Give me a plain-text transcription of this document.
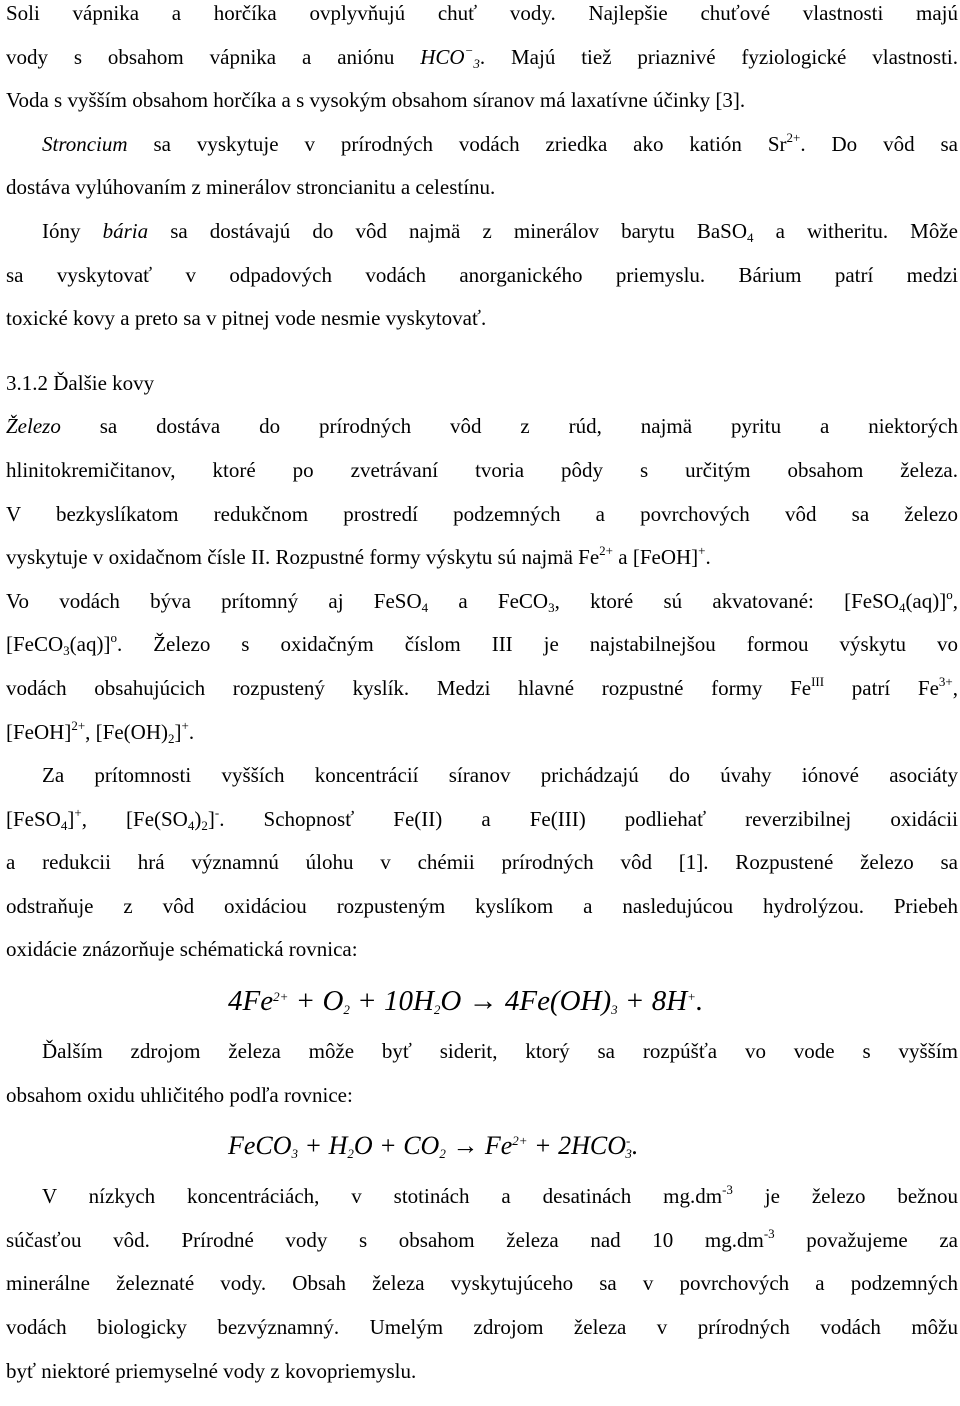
Soli vápnika a horčíka ovplyvňujú chuť vody. Najlepšie chuťové vlastnosti majú
vody s obsahom vápnika a aniónu $HCO^-_3$. Majú tiež priaznivé fyziologické vlastnosti.
Voda s vyšším obsahom horčíka a s vysokým obsahom síranov má laxatívne účinky [3].

Stroncium sa vyskytuje v prírodných vodách zriedka ako katión $Sr^{2+}$. Do vôd sa
dostáva vylúhovaním z minerálov stroncianitu a celestínu.

Ióny bária sa dostávajú do vôd najmä z minerálov barytu BaSO$_4$ a witheritu. Môže
sa vyskytovať v odpadových vodách anorganického priemyslu. Bárium patrí medzi
toxické kovy a preto sa v pitnej vode nesmie vyskytovať.

3.1.2 Ďalšie kovy

Železo sa dostáva do prírodných vôd z rúd, najmä pyritu a niektorých
hlinitokremičitanov, ktoré po zvetrávaní tvoria pôdy s určitým obsahom železa.
V bezkyslíkatom redukčnom prostredí podzemných a povrchových vôd sa železo
vyskytuje v oxidačnom čísle II. Rozpustné formy výskytu sú najmä $Fe^{2+}$ a [FeOH]+.
Vo vodách býva prítomný aj FeSO$_4$ a FeCO$_3$, ktoré sú akvatované: [FeSO$_4$(aq)]$^o$,
[FeCO$_3$(aq)]$^o$. Železo s oxidačným číslom III je najstabilnejšou formou výskytu vo
vodách obsahujúcich rozpustený kyslík. Medzi hlavné rozpustné formy $Fe^{III}$ patrí $Fe^{3+}$,
[FeOH]$^{2+}$, $[Fe(OH)_2]^+$.

Za prítomnosti vyšších koncentrácií síranov prichádzajú do úvahy iónové asociáty
[FeSO$_4$]+, $[Fe(SO_4)_2]^-$. Schopnosť Fe(II) a Fe(III) podliehať reverzibilnej oxidácii
a redukcii hrá významnú úlohu v chémii prírodných vôd [1]. Rozpustené železo sa
odstraňuje z vôd oxidáciou rozpusteným kyslíkom a nasledujúcou hydrolýzou. Priebeh
oxidácie znázorňuje schématická rovnica:

$4Fe^{2+} + O_2 + 10H_2O \to 4Fe(OH)_3 + 8H^+$.

Ďalším zdrojom železa môže byť siderit, ktorý sa rozpúšťa vo vode s vyšším
obsahom oxidu uhličitého podľa rovnice:

FeCO$_3$ + $H_2O + CO_2 \to Fe^{2+} + 2HCO^-_3$.

V nízkych koncentráciách, v stotinách a desatinách $mg.dm^{-3}$ je železo bežnou
súčasťou vôd. Prírodné vody s obsahom železa nad 10 $mg.dm^{-3}$ považujeme za
minerálne železnaté vody. Obsah železa vyskytujúceho sa v povrchových a podzemných
vodách biologicky bezvýznamný. Umelým zdrojom železa v prírodných vodách môžu
byť niektoré priemyselné vody z kovopriemyslu.
